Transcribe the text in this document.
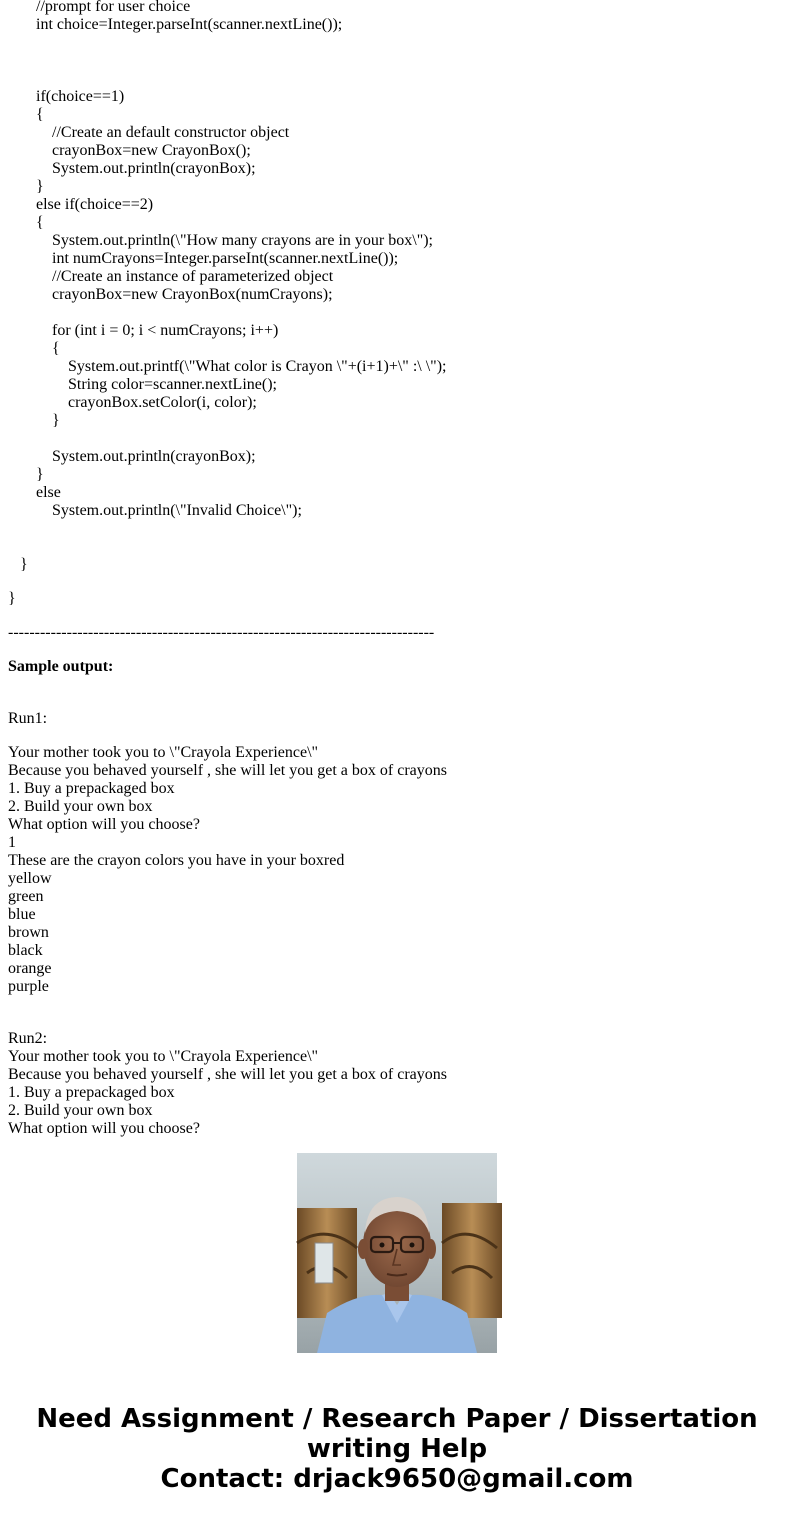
//prompt for user choice
int choice=Integer.parseInt(scanner.nextLine());
if(choice==1)
{
//Create an default constructor object
crayonBox=new CrayonBox();
System.out.println(crayonBox);
}
else if(choice==2)
{
System.out.println(\"How many crayons are in your box\");
int numCrayons=Integer.parseInt(scanner.nextLine());
//Create an instance of parameterized object
crayonBox=new CrayonBox(numCrayons);
for (int i = 0; i < numCrayons; i++)
{
System.out.printf(\"What color is Crayon \"+(i+1)+\" :\ \");
String color=scanner.nextLine();
crayonBox.setColor(i, color);
}
System.out.println(crayonBox);
}
else
System.out.println(\"Invalid Choice\");
}
}
--------------------------------------------------------------------------------
Sample output:
Run1:
Your mother took you to \"Crayola Experience\"
Because you behaved yourself , she will let you get a box of crayons
1. Buy a prepackaged box
2. Build your own box
What option will you choose?
1
These are the crayon colors you have in your boxred
yellow
green
blue
brown
black
orange
purple
Run2:
Your mother took you to \"Crayola Experience\"
Because you behaved yourself , she will let you get a box of crayons
1. Buy a prepackaged box
2. Build your own box
What option will you choose?
Need Assignment / Research Paper / Dissertation
writing Help
Contact: drjack9650@gmail.com
